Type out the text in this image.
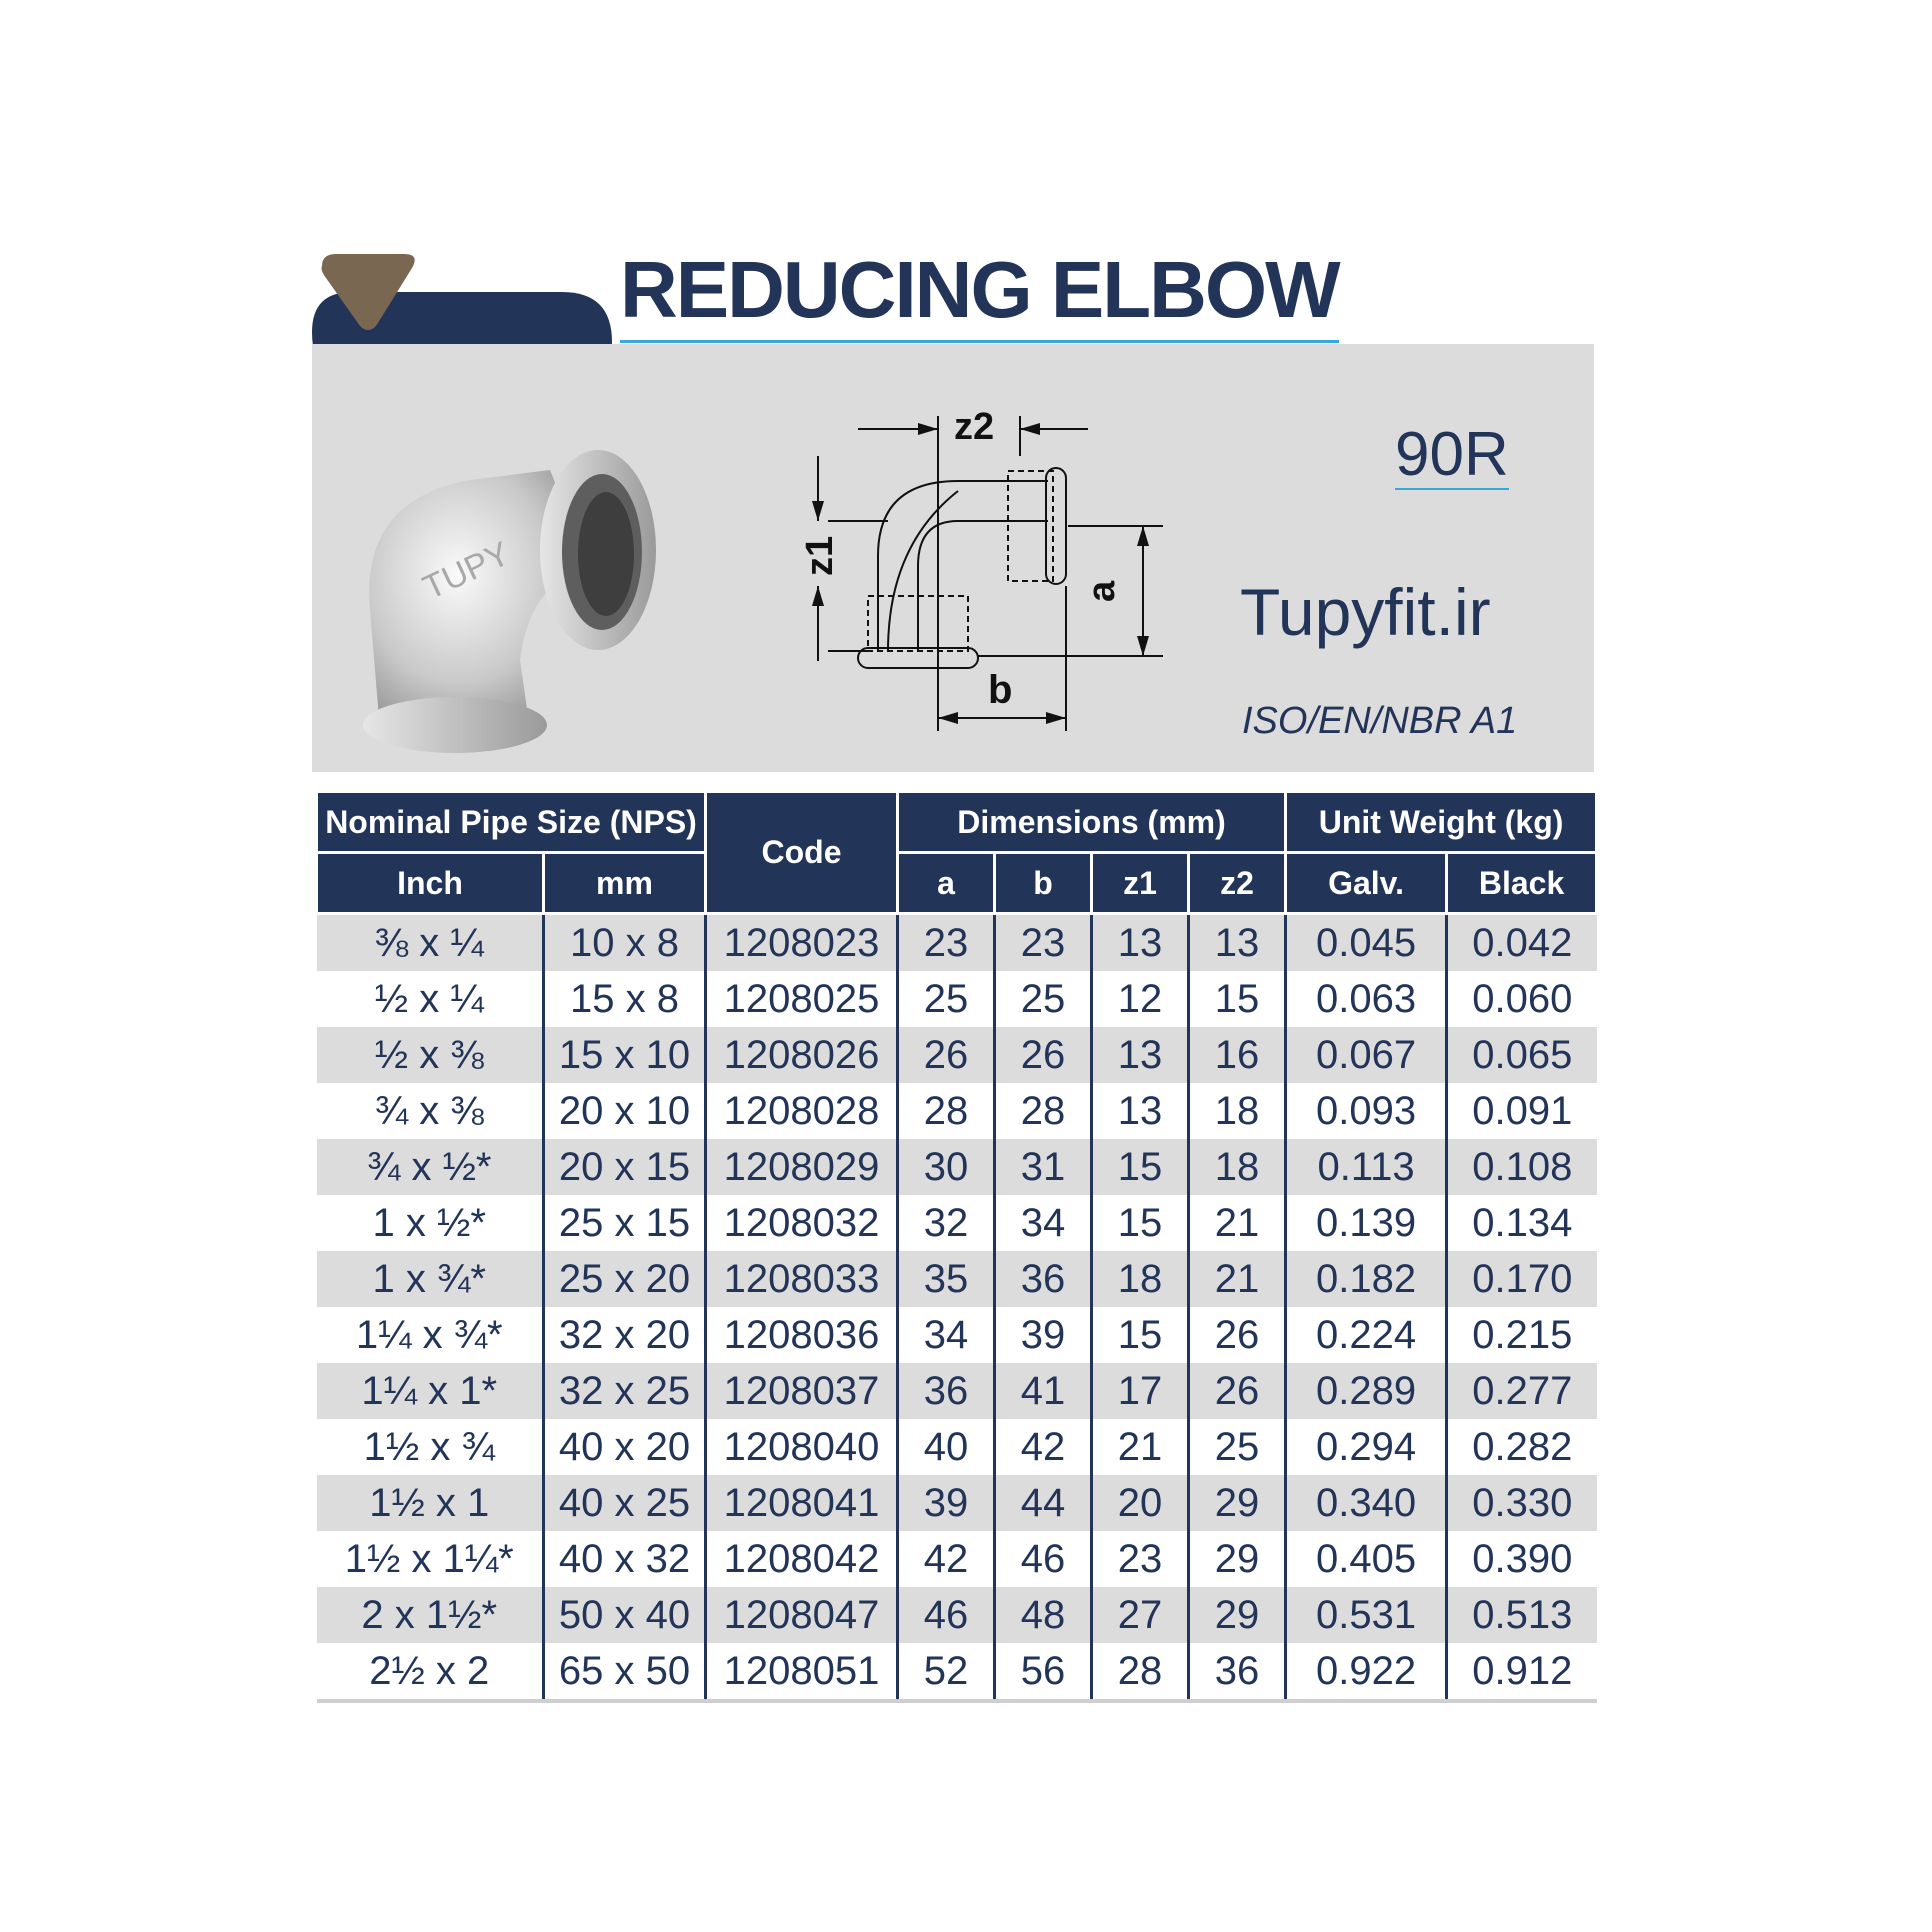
REDUCING ELBOW
TUPY
z2
z1
a
b
90R
Tupyfit.ir
ISO/EN/NBR A1
Nominal Pipe Size (NPS)		Code	Dimensions (mm)				Unit Weight (kg)	
Inch	mm		a	b	z1	z2	Galv.	Black
⅜ x ¼	10 x 8	1208023	23	23	13	13	0.045	0.042
½ x ¼	15 x 8	1208025	25	25	12	15	0.063	0.060
½ x ⅜	15 x 10	1208026	26	26	13	16	0.067	0.065
¾ x ⅜	20 x 10	1208028	28	28	13	18	0.093	0.091
¾ x ½*	20 x 15	1208029	30	31	15	18	0.113	0.108
1 x ½*	25 x 15	1208032	32	34	15	21	0.139	0.134
1 x ¾*	25 x 20	1208033	35	36	18	21	0.182	0.170
1¼ x ¾*	32 x 20	1208036	34	39	15	26	0.224	0.215
1¼ x 1*	32 x 25	1208037	36	41	17	26	0.289	0.277
1½ x ¾	40 x 20	1208040	40	42	21	25	0.294	0.282
1½ x 1	40 x 25	1208041	39	44	20	29	0.340	0.330
1½ x 1¼*	40 x 32	1208042	42	46	23	29	0.405	0.390
2 x 1½*	50 x 40	1208047	46	48	27	29	0.531	0.513
2½ x 2	65 x 50	1208051	52	56	28	36	0.922	0.912
